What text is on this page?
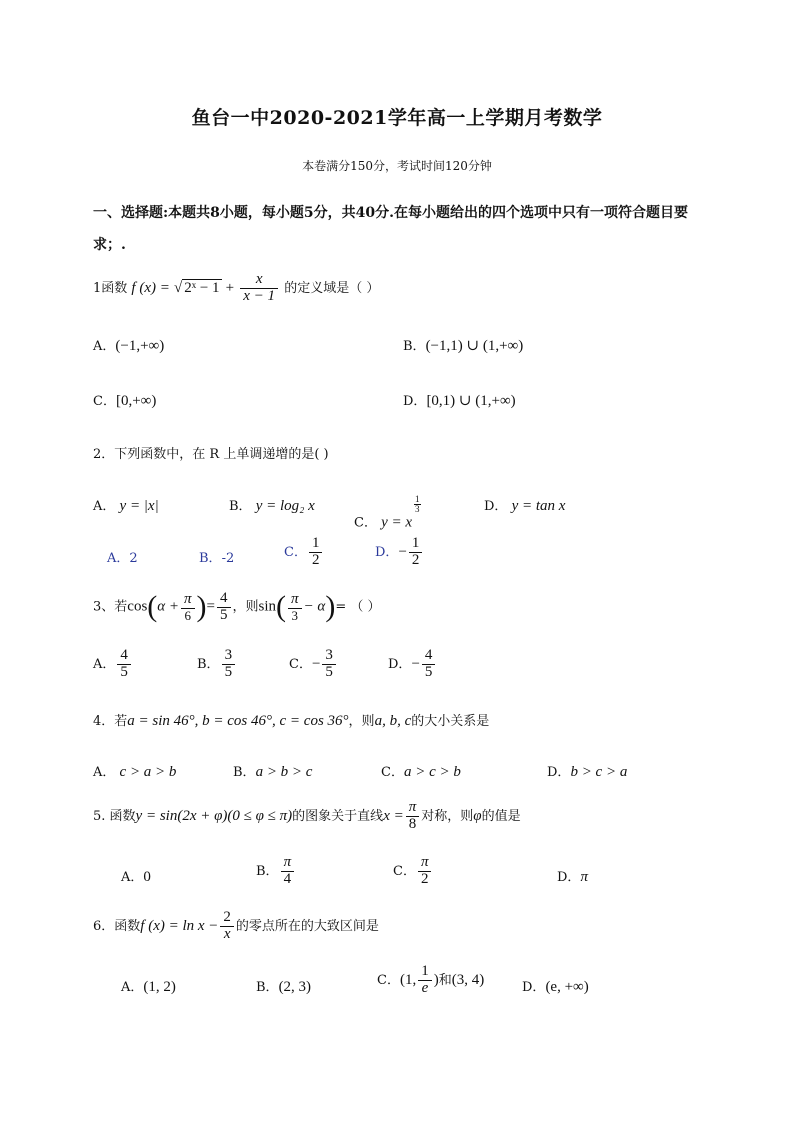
鱼台一中2020-2021学年高一上学期月考数学
本卷满分150分，考试时间120分钟
一、选择题:本题共8小题，每小题5分，共40分.在每小题给出的四个选项中只有一项符合题目要
求；.
1函数 f (x) = √ 2ˣ − $1 + \frac{x}{x - 1}$ 的定义域是（ ）
A．(−1,+∞)	B．(−1,1) ∪ (1,+∞)
C．[0,+∞)	D．[0,1) ∪ (1,+∞)
2．下列函数中，在 R 上单调递增的是( )
A． y = |x|	B． y = log₂ x
C． y = x
$\frac{1}{3}$	D． y = tan x
A．2	B．-2	C． $\frac{1}{2}$	D．− $\frac{1}{2}$
3、若$\cos(\alpha + \frac{\pi}{6}$ )= $\frac{4}{5}$ ，则$\sin( \frac{\pi}{3} - \alpha)=$ （ ）
A． $\frac{4}{5}$	B． $\frac{3}{5}$	C．− $\frac{3}{5}$	D．− $\frac{4}{5}$
4．若a = sin 46°, b = cos 46°, c = cos 36°，则a, b, c的大小关系是
A． c > a > b	B．a > b > c	C．a > c > b	D．b > c > a
5. 函数y = sin(2x + φ)(0 ≤ φ ≤ π)的图象关于直线$x = \frac{\pi}{8}$ 对称，则φ的值是
A．0	B． $\frac{\pi}{4}$	C． $\frac{\pi}{2}$	D．π
6．函数f $(x) = \ln x - \frac{2}{x}$ 的零点所在的大致区间是
A．(1, 2)	B．(2, 3)	C．(1, $\frac{1}{e}$ )和(3, 4)	D．(e, +∞)
